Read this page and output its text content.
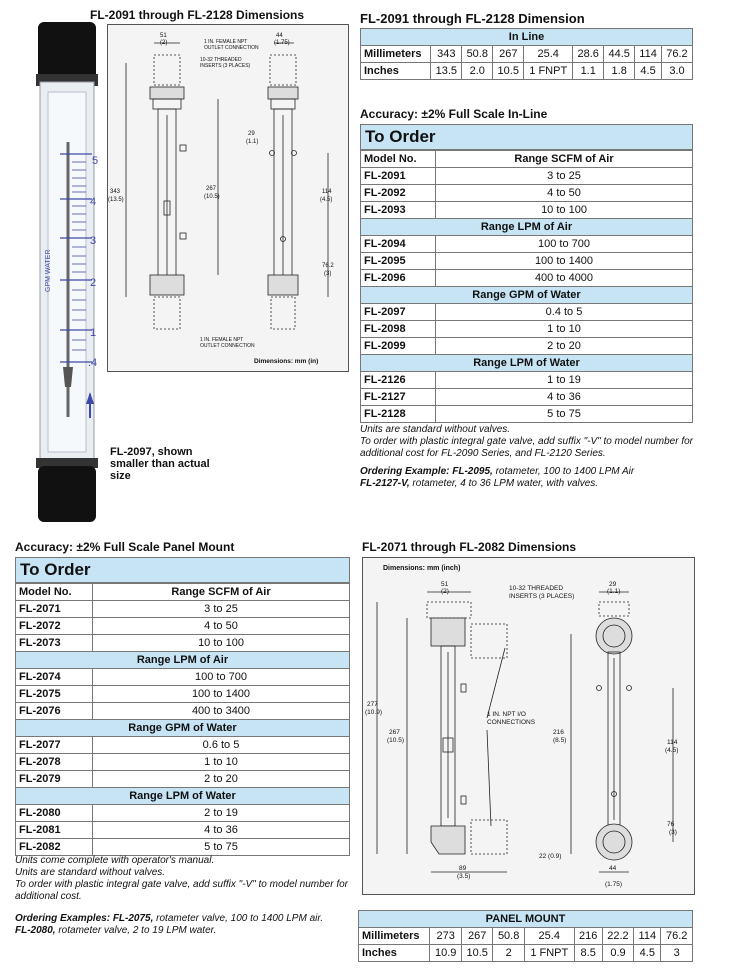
5
4
3
2
1
.4
GPM WATER
FL-2097, shown smaller than actual size
FL-2091 through FL-2128 Dimensions
51
(2)
44
(1.75)
1 IN. FEMALE NPT
OUTLET CONNECTION
10-32 THREADED
INSERTS (3 PLACES)
343
(13.5)
267
(10.5)
29
(1.1)
114
(4.5)
76.2
(3)
1 IN. FEMALE NPT
OUTLET CONNECTION
Dimensions: mm (in)
FL-2091 through FL-2128 Dimension
In Line								
Millimeters	343	50.8	267	25.4	28.6	44.5	114	76.2
Inches	13.5	2.0	10.5	1 FNPT	1.1	1.8	4.5	3.0
Accuracy: ±2% Full Scale In-Line
To Order
Model No.	Range SCFM of Air
FL-2091	3 to 25
FL-2092	4 to 50
FL-2093	10 to 100
Range LPM of Air	
FL-2094	100 to 700
FL-2095	100 to 1400
FL-2096	400 to 4000
Range GPM of Water	
FL-2097	0.4 to 5
FL-2098	1 to 10
FL-2099	2 to 20
Range LPM of Water	
FL-2126	1 to 19
FL-2127	4 to 36
FL-2128	5 to 75
Units are standard without valves.
To order with plastic integral gate valve, add suffix "-V" to model number for additional cost for FL-2090 Series, and FL-2120 Series.
Ordering Example: FL-2095, rotameter, 100 to 1400 LPM Air
FL-2127-V, rotameter, 4 to 36 LPM water, with valves.
Accuracy: ±2% Full Scale Panel Mount
To Order
Model No.	Range SCFM of Air
FL-2071	3 to 25
FL-2072	4 to 50
FL-2073	10 to 100
Range LPM of Air	
FL-2074	100 to 700
FL-2075	100 to 1400
FL-2076	400 to 3400
Range GPM of Water	
FL-2077	0.6 to 5
FL-2078	1 to 10
FL-2079	2 to 20
Range LPM of Water	
FL-2080	2 to 19
FL-2081	4 to 36
FL-2082	5 to 75
Units come complete with operator's manual.
Units are standard without valves.
To order with plastic integral gate valve, add suffix "-V" to model number for additional cost.
Ordering Examples: FL-2075, rotameter valve, 100 to 1400 LPM air.
FL-2080, rotameter valve, 2 to 19 LPM water.
FL-2071 through FL-2082 Dimensions
Dimensions: mm (inch)
51
(2)	10-32 THREADED
INSERTS (3 PLACES)
29
(1.1)
277
(10.9)
267
(10.5)
1 IN. NPT I/O
CONNECTIONS
216
(8.5)	114
(4.5)
76
(3)
22 (0.9)
89
(3.5)
44
(1.75)
PANEL MOUNT								
Millimeters	273	267	50.8	25.4	216	22.2	114	76.2
Inches	10.9	10.5	2	1 FNPT	8.5	0.9	4.5	3
